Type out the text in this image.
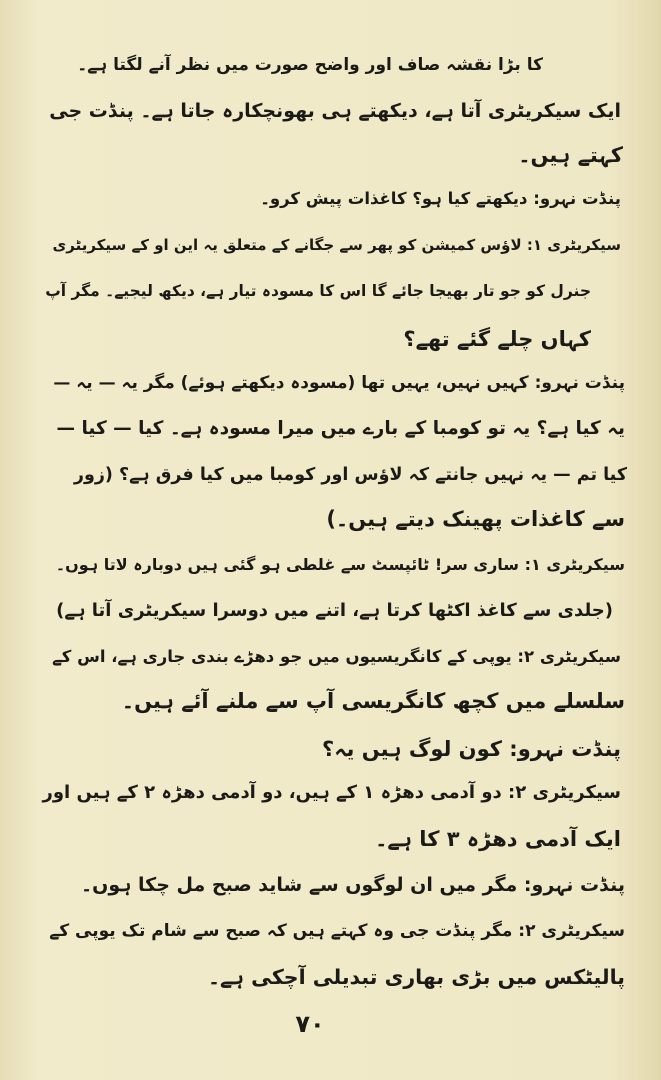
کا بڑا نقشہ صاف اور واضح صورت میں نظر آنے لگتا ہے۔
ایک سیکریٹری آتا ہے، دیکھتے ہی بھونچکارہ جاتا ہے۔ پنڈت جی
کہتے ہیں۔
پنڈت نہرو: دیکھتے کیا ہو؟ کاغذات پیش کرو۔
سیکریٹری ۱: لاؤس کمیشن کو پھر سے جگانے کے متعلق یہ این او کے سیکریٹری
جنرل کو جو تار بھیجا جائے گا اس کا مسودہ تیار ہے، دیکھ لیجیے۔ مگر آپ
کہاں چلے گئے تھے؟
پنڈت نہرو: کہیں نہیں، یہیں تھا (مسودہ دیکھتے ہوئے) مگر یہ — یہ —
یہ کیا ہے؟ یہ تو کومبا کے بارے میں میرا مسودہ ہے۔ کیا — کیا —
کیا تم — یہ نہیں جانتے کہ لاؤس اور کومبا میں کیا فرق ہے؟ (زور
سے کاغذات پھینک دیتے ہیں۔)
سیکریٹری ۱: ساری سر! ٹائپسٹ سے غلطی ہو گئی ہیں دوبارہ لاتا ہوں۔
(جلدی سے کاغذ اکٹھا کرتا ہے، اتنے میں دوسرا سیکریٹری آتا ہے)
سیکریٹری ۲: یوپی کے کانگریسیوں میں جو دھڑے بندی جاری ہے، اس کے
سلسلے میں کچھ کانگریسی آپ سے ملنے آئے ہیں۔
پنڈت نہرو: کون لوگ ہیں یہ؟
سیکریٹری ۲: دو آدمی دھڑہ ۱ کے ہیں، دو آدمی دھڑہ ۲ کے ہیں اور
ایک آدمی دھڑہ ۳ کا ہے۔
پنڈت نہرو: مگر میں ان لوگوں سے شاید صبح مل چکا ہوں۔
سیکریٹری ۲: مگر پنڈت جی وہ کہتے ہیں کہ صبح سے شام تک یوپی کے
پالیٹکس میں بڑی بھاری تبدیلی آچکی ہے۔
۷۰
